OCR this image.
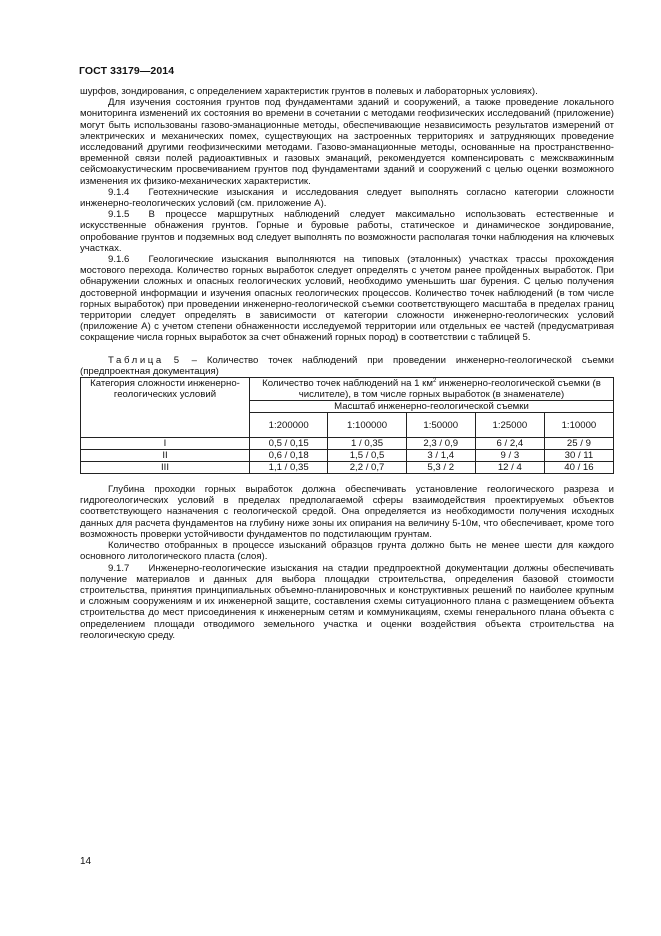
ГОСТ 33179—2014

шурфов, зондирования, с определением характеристик грунтов в полевых и лабораторных условиях).

Для изучения состояния грунтов под фундаментами зданий и сооружений, а также проведение локального мониторинга изменений их состояния во времени в сочетании с методами геофизических исследований (приложение) могут быть использованы газово-эманационные методы, обеспечивающие независимость результатов измерений от электрических и механических помех, существующих на застроенных территориях и затрудняющих проведение исследований другими геофизическими методами. Газово-эманационные методы, основанные на пространственно-временной связи полей радиоактивных и газовых эманаций, рекомендуется компенсировать с межскважинным сейсмоакустическим просвечиванием грунтов под фундаментами зданий и сооружений с целью оценки возможного изменения их физико-механических характеристик.

9.1.4   Геотехнические изыскания и исследования следует выполнять согласно категории сложности инженерно-геологических условий (см. приложение А).

9.1.5   В процессе маршрутных наблюдений следует максимально использовать естественные и искусственные обнажения грунтов. Горные и буровые работы, статическое и динамическое зондирование, опробование грунтов и подземных вод следует выполнять по возможности располагая точки наблюдения на ключевых участках.

9.1.6   Геологические изыскания выполняются на типовых (эталонных) участках трассы прохождения мостового перехода. Количество горных выработок следует определять с учетом ранее пройденных выработок. При обнаружении сложных и опасных геологических условий, необходимо уменьшить шаг бурения. С целью получения достоверной информации и изучения опасных геологических процессов. Количество точек наблюдений (в том числе горных выработок) при проведении инженерно-геологической съемки соответствующего масштаба в пределах границ территории следует определять в зависимости от категории сложности инженерно-геологических условий (приложение А) с учетом степени обнаженности исследуемой территории или отдельных ее частей (предусматривая сокращение числа горных выработок за счет обнажений горных пород) в соответствии с таблицей 5.

Таблица 5 – Количество точек наблюдений при проведении инженерно-геологической съемки (предпроектная документация)

Категория сложности инженерно-геологических условий	Количество точек наблюдений на 1 $км^2$ инженерно-геологической съемки (в числителе), в том числе горных выработок (в знаменателе)				
	Масштаб инженерно-геологической съемки				
	1:200000	1:100000	1:50000	1:25000	1:10000
I	0,5 / 0,15	1 / 0,35	2,3 / 0,9	6 / 2,4	25 / 9
II	0,6 / 0,18	1,5 / 0,5	3 / 1,4	9 / 3	30 / 11
III	1,1 / 0,35	2,2 / 0,7	5,3 / 2	12 / 4	40 / 16

Глубина проходки горных выработок должна обеспечивать установление геологического разреза и гидрогеологических условий в пределах предполагаемой сферы взаимодействия проектируемых объектов соответствующего назначения с геологической средой. Она определяется из необходимости получения исходных данных для расчета фундаментов на глубину ниже зоны их опирания на величину 5-10м, что обеспечивает, кроме того возможность проверки устойчивости фундаментов по подстилающим грунтам.

Количество отобранных в процессе изысканий образцов грунта должно быть не менее шести для каждого основного литологического пласта (слоя).

9.1.7   Инженерно-геологические изыскания на стадии предпроектной документации должны обеспечивать получение материалов и данных для выбора площадки строительства, определения базовой стоимости строительства, принятия принципиальных объемно-планировочных и конструктивных решений по наиболее крупным и сложным сооружениям и их инженерной защите, составления схемы ситуационного плана с размещением объекта строительства до мест присоединения к инженерным сетям и коммуникациям, схемы генерального плана объекта с определением площади отводимого земельного участка и оценки воздействия объекта строительства на геологическую среду.

14
